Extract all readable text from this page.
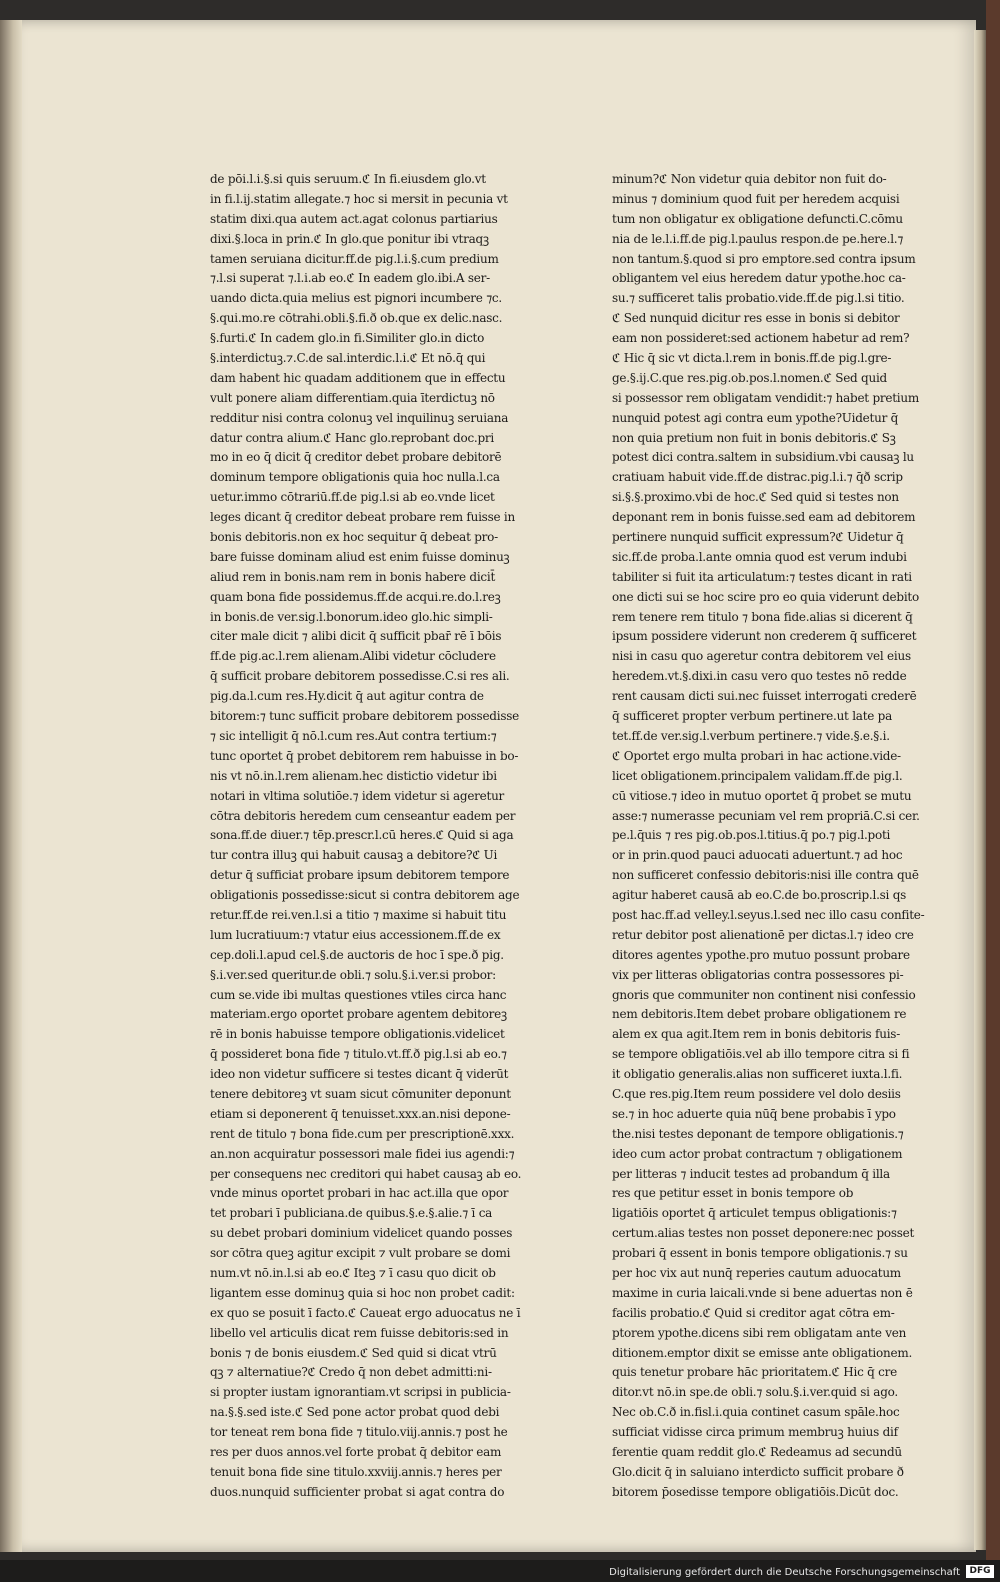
de pōi.l.i.§.si quis seruum.ℭ In fi.eiusdem glo.vt
in fi.l.ij.statim allegate.⁊ hoc si mersit in pecunia vt
statim dixi.qua autem act.agat colonus partiarius
dixi.§.loca in prin.ℭ In glo.que ponitur ibi vtraqꝫ
tamen seruiana dicitur.ff.de pig.l.i.§.cum predium
⁊.l.si superat ⁊.l.i.ab eo.ℭ In eadem glo.ibi.A ser-
uando dicta.quia melius est pignori incumbere ⁊c.
§.qui.mo.re cōtrahi.obli.§.fi.ð ob.que ex delic.nasc.
§.furti.ℭ In cadem glo.in fi.Similiter glo.in dicto
§.interdictuꝫ.⁊.C.de sal.interdic.l.i.ℭ Et nō.q̄ qui
dam habent hic quadam additionem que in effectu
vult ponere aliam differentiam.quia īterdictuꝫ nō
redditur nisi contra colonuꝫ vel inquilinuꝫ seruiana
datur contra alium.ℭ Hanc glo.reprobant doc.pri
mo in eo q̄ dicit q̄ creditor debet probare debitorē
dominum tempore obligationis quia hoc nulla.l.ca
uetur.immo cōtrariū.ff.de pig.l.si ab eo.vnde licet
leges dicant q̄ creditor debeat probare rem fuisse in
bonis debitoris.non ex hoc sequitur q̄ debeat pro-
bare fuisse dominam aliud est enim fuisse dominuꝫ
aliud rem in bonis.nam rem in bonis habere dicit̄
quam bona fide possidemus.ff.de acqui.re.do.l.reꝫ
in bonis.de ver.sig.l.bonorum.ideo glo.hic simpli-
citer male dicit ⁊ alibi dicit q̄ sufficit pbar̄ rē ī bōis
ff.de pig.ac.l.rem alienam.Alibi videtur cōcludere
q̄ sufficit probare debitorem possedisse.C.si res ali.
pig.da.l.cum res.Hy.dicit q̄ aut agitur contra de
bitorem:⁊ tunc sufficit probare debitorem possedisse
⁊ sic intelligit q̄ nō.l.cum res.Aut contra tertium:⁊
tunc oportet q̄ probet debitorem rem habuisse in bo-
nis vt nō.in.l.rem alienam.hec distictio videtur ibi
notari in vltima solutiōe.⁊ idem videtur si ageretur
cōtra debitoris heredem cum censeantur eadem per
sona.ff.de diuer.⁊ tēp.prescr.l.cū heres.ℭ Quid si aga
tur contra illuꝫ qui habuit causaꝫ a debitore?ℭ Ui
detur q̄ sufficiat probare ipsum debitorem tempore
obligationis possedisse:sicut si contra debitorem age
retur.ff.de rei.ven.l.si a titio ⁊ maxime si habuit titu
lum lucratiuum:⁊ vtatur eius accessionem.ff.de ex
cep.doli.l.apud cel.§.de auctoris de hoc ī spe.ð pig.
§.i.ver.sed queritur.de obli.⁊ solu.§.i.ver.si probor:
cum se.vide ibi multas questiones vtiles circa hanc
materiam.ergo oportet probare agentem debitoreꝫ
rē in bonis habuisse tempore obligationis.videlicet
q̄ possideret bona fide ⁊ titulo.vt.ff.ð pig.l.si ab eo.⁊
ideo non videtur sufficere si testes dicant q̄ viderūt
tenere debitoreꝫ vt suam sicut cōmuniter deponunt
etiam si deponerent q̄ tenuisset.xxx.an.nisi depone-
rent de titulo ⁊ bona fide.cum per prescriptionē.xxx.
an.non acquiratur possessori male fidei ius agendi:⁊
per consequens nec creditori qui habet causaꝫ ab eo.
vnde minus oportet probari in hac act.illa que opor
tet probari ī publiciana.de quibus.§.e.§.alie.⁊ ī ca
su debet probari dominium videlicet quando posses
sor cōtra queꝫ agitur excipit ⁊ vult probare se domi
num.vt nō.in.l.si ab eo.ℭ Iteꝫ ⁊ ī casu quo dicit ob
ligantem esse dominuꝫ quia si hoc non probet cadit:
ex quo se posuit ī facto.ℭ Caueat ergo aduocatus ne ī
libello vel articulis dicat rem fuisse debitoris:sed in
bonis ⁊ de bonis eiusdem.ℭ Sed quid si dicat vtrū
qꝫ ⁊ alternatiue?ℭ Credo q̄ non debet admitti:ni-
si propter iustam ignorantiam.vt scripsi in publicia-
na.§.§.sed iste.ℭ Sed pone actor probat quod debi
tor teneat rem bona fide ⁊ titulo.viij.annis.⁊ post he
res per duos annos.vel forte probat q̄ debitor eam
tenuit bona fide sine titulo.xxviij.annis.⁊ heres per
duos.nunquid sufficienter probat si agat contra do
minum?ℭ Non videtur quia debitor non fuit do-
minus ⁊ dominium quod fuit per heredem acquisi
tum non obligatur ex obligatione defuncti.C.cōmu
nia de le.l.i.ff.de pig.l.paulus respon.de pe.here.l.⁊
non tantum.§.quod si pro emptore.sed contra ipsum
obligantem vel eius heredem datur ypothe.hoc ca-
su.⁊ sufficeret talis probatio.vide.ff.de pig.l.si titio.
ℭ Sed nunquid dicitur res esse in bonis si debitor
eam non possideret:sed actionem habetur ad rem?
ℭ Hic q̄ sic vt dicta.l.rem in bonis.ff.de pig.l.gre-
ge.§.ij.C.que res.pig.ob.pos.l.nomen.ℭ Sed quid
si possessor rem obligatam vendidit:⁊ habet pretium
nunquid potest agi contra eum ypothe?Uidetur q̄
non quia pretium non fuit in bonis debitoris.ℭ Sꝫ
potest dici contra.saltem in subsidium.vbi causaꝫ lu
cratiuam habuit vide.ff.de distrac.pig.l.i.⁊ q̄ð scrip
si.§.§.proximo.vbi de hoc.ℭ Sed quid si testes non
deponant rem in bonis fuisse.sed eam ad debitorem
pertinere nunquid sufficit expressum?ℭ Uidetur q̄
sic.ff.de proba.l.ante omnia quod est verum indubi
tabiliter si fuit ita articulatum:⁊ testes dicant in rati
one dicti sui se hoc scire pro eo quia viderunt debito
rem tenere rem titulo ⁊ bona fide.alias si dicerent q̄
ipsum possidere viderunt non crederem q̄ sufficeret
nisi in casu quo ageretur contra debitorem vel eius
heredem.vt.§.dixi.in casu vero quo testes nō redde
rent causam dicti sui.nec fuisset interrogati crederē
q̄ sufficeret propter verbum pertinere.ut late pa
tet.ff.de ver.sig.l.verbum pertinere.⁊ vide.§.e.§.i.
ℭ Oportet ergo multa probari in hac actione.vide-
licet obligationem.principalem validam.ff.de pig.l.
cū vitiose.⁊ ideo in mutuo oportet q̄ probet se mutu
asse:⁊ numerasse pecuniam vel rem propriā.C.si cer.
pe.l.q̄uis ⁊ res pig.ob.pos.l.titius.q̄ po.⁊ pig.l.poti
or in prin.quod pauci aduocati aduertunt.⁊ ad hoc
non sufficeret confessio debitoris:nisi ille contra quē
agitur haberet causā ab eo.C.de bo.proscrip.l.si qs
post hac.ff.ad velley.l.seyus.l.sed nec illo casu confite-
retur debitor post alienationē per dictas.l.⁊ ideo cre
ditores agentes ypothe.pro mutuo possunt probare
vix per litteras obligatorias contra possessores pi-
gnoris que communiter non continent nisi confessio
nem debitoris.Item debet probare obligationem re
alem ex qua agit.Item rem in bonis debitoris fuis-
se tempore obligatiōis.vel ab illo tempore citra si fi
it obligatio generalis.alias non sufficeret iuxta.l.fi.
C.que res.pig.Item reum possidere vel dolo desiis
se.⁊ in hoc aduerte quia nūq̄ bene probabis ī ypo
the.nisi testes deponant de tempore obligationis.⁊
ideo cum actor probat contractum ⁊ obligationem
per litteras ⁊ inducit testes ad probandum q̄ illa
res que petitur esset in bonis tempore ob
ligatiōis oportet q̄ articulet tempus obligationis:⁊
certum.alias testes non posset deponere:nec posset
probari q̄ essent in bonis tempore obligationis.⁊ su
per hoc vix aut nunq̄ reperies cautum aduocatum
maxime in curia laicali.vnde si bene aduertas non ē
facilis probatio.ℭ Quid si creditor agat cōtra em-
ptorem ypothe.dicens sibi rem obligatam ante ven
ditionem.emptor dixit se emisse ante obligationem.
quis tenetur probare hāc prioritatem.ℭ Hic q̄ cre
ditor.vt nō.in spe.de obli.⁊ solu.§.i.ver.quid si ago.
Nec ob.C.ð in.fisl.i.quia continet casum spāle.hoc
sufficiat vidisse circa primum membruꝫ huius dif
ferentie quam reddit glo.ℭ Redeamus ad secundū
Glo.dicit q̄ in saluiano interdicto sufficit probare ð
bitorem p̄osedisse tempore obligatiōis.Dicūt doc.
Digitalisierung gefördert durch die Deutsche Forschungsgemeinschaft	DFG
